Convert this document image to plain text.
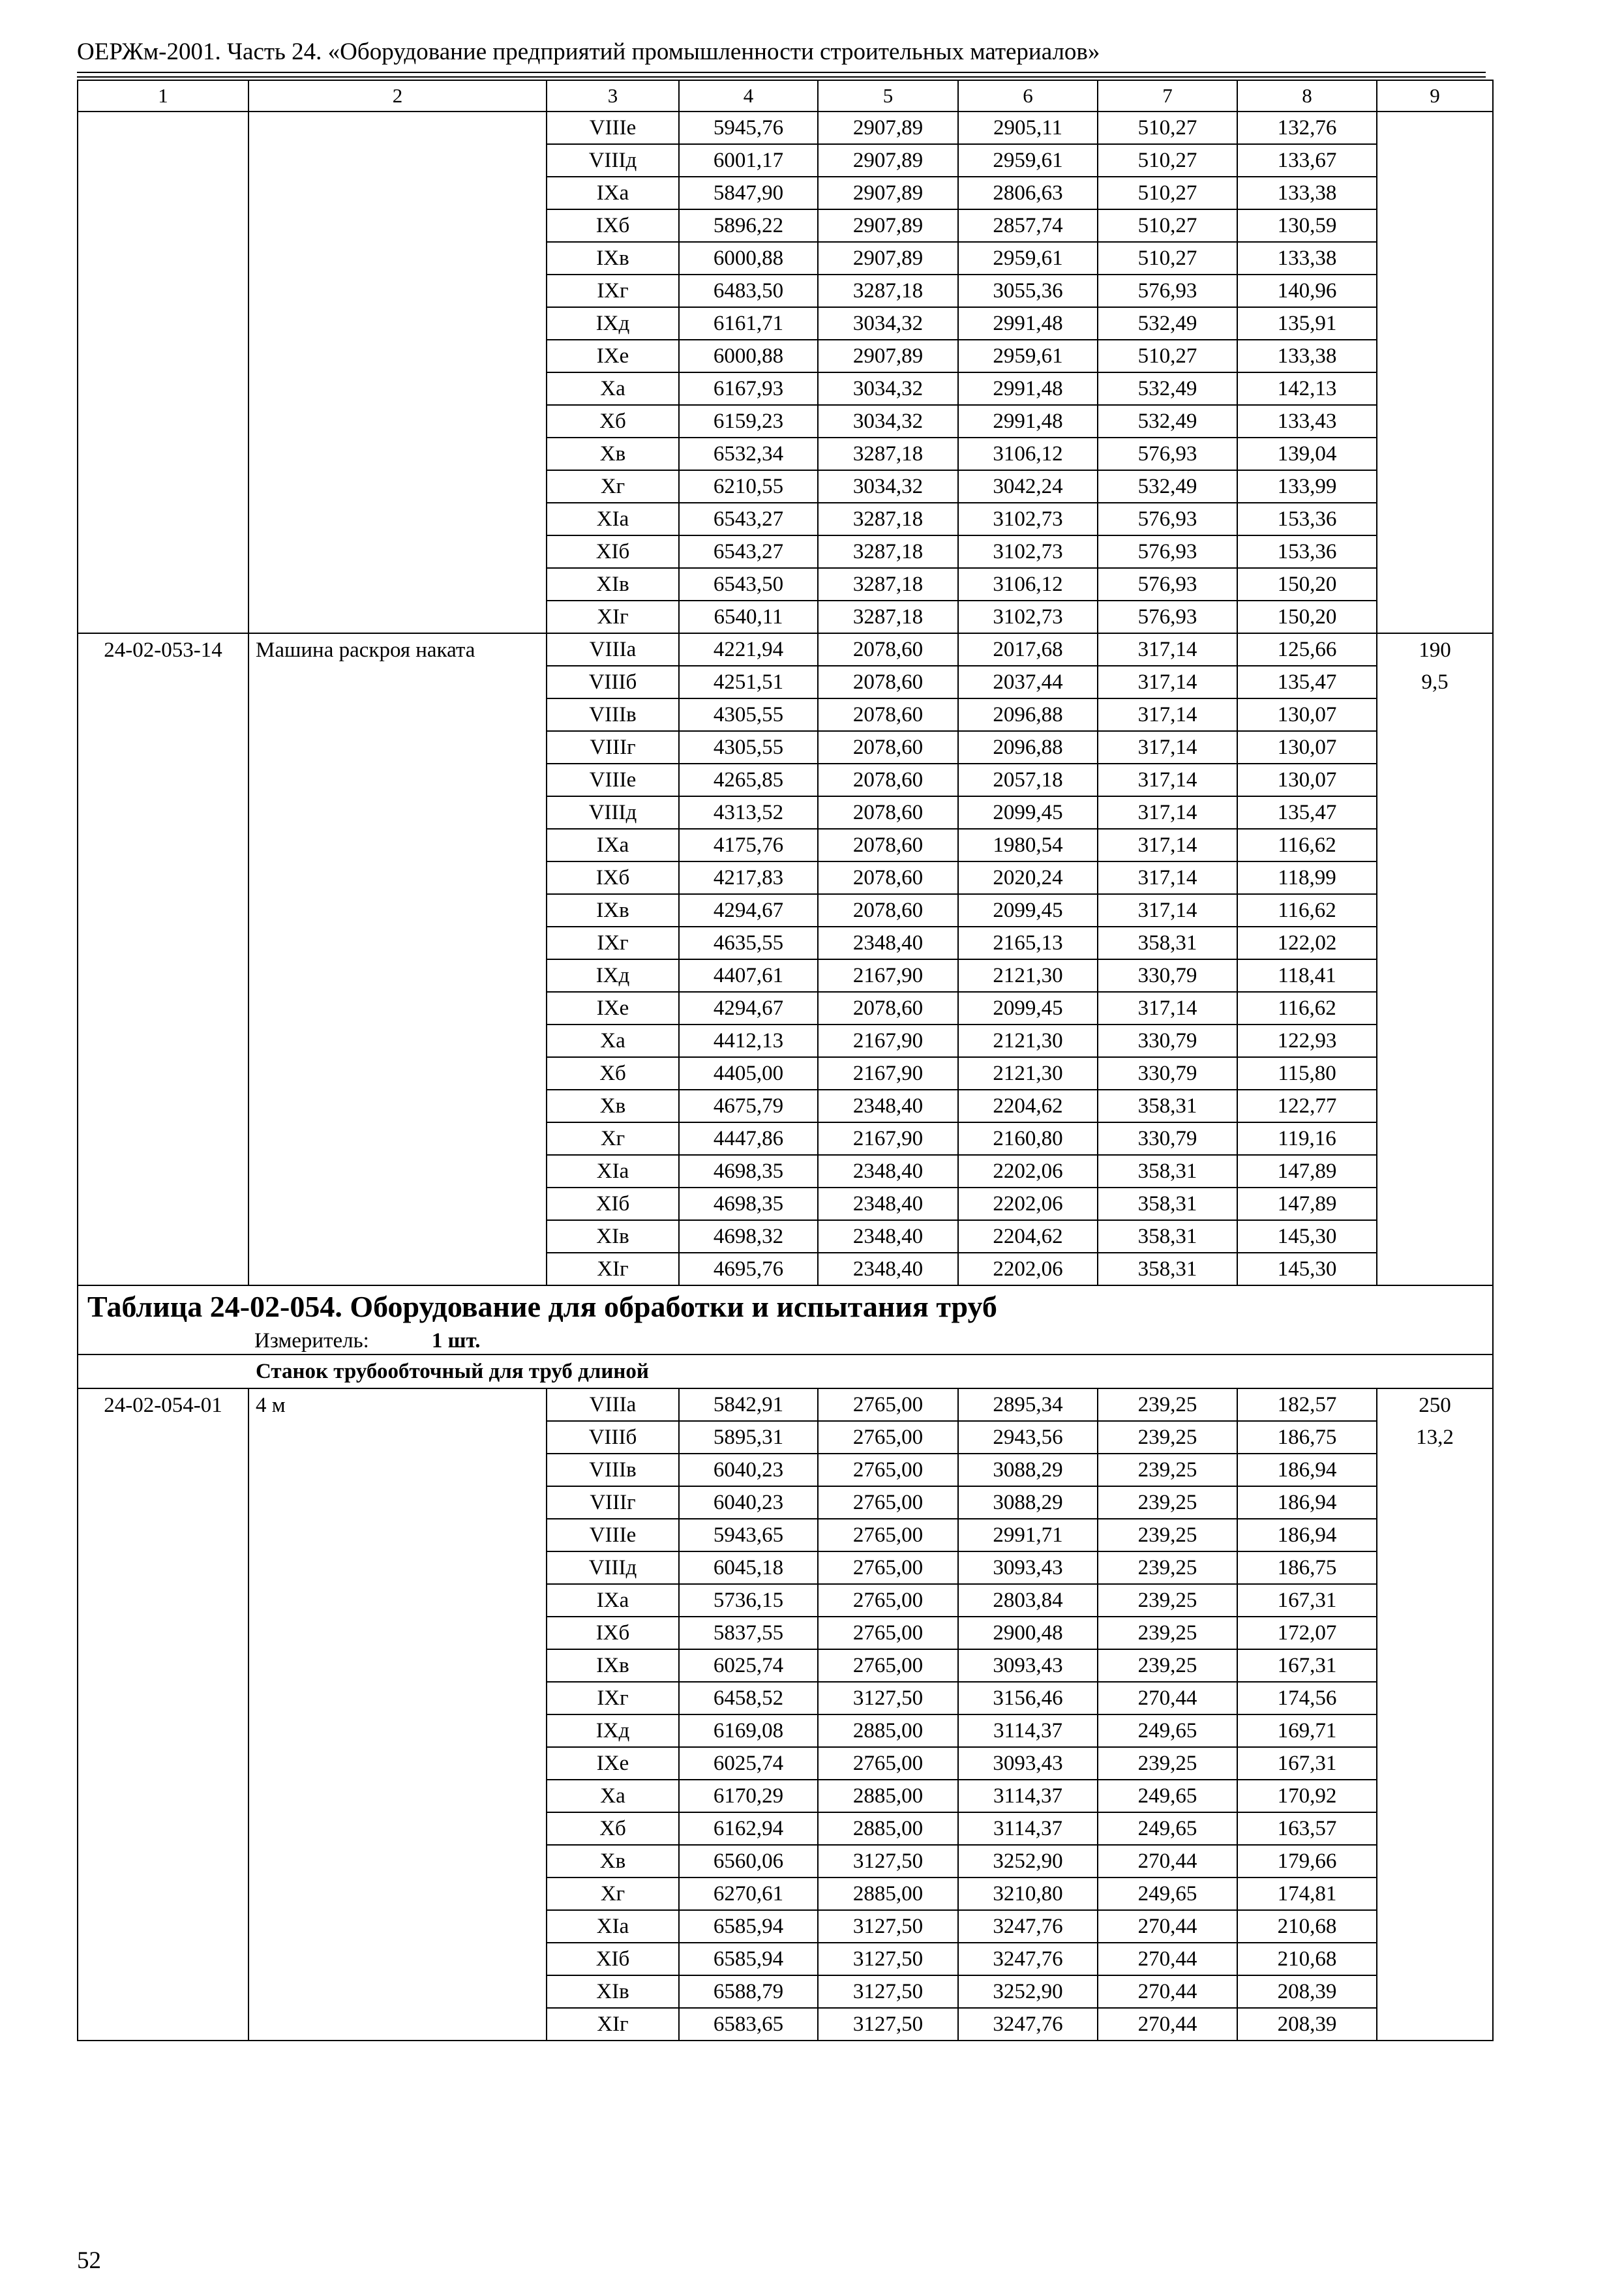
ОЕРЖм-2001. Часть 24. «Оборудование предприятий промышленности строительных материалов»
1	2	3	4	5	6	7	8	9
		VIIIе	5945,76	2907,89	2905,11	510,27	132,76	
		VIIIд	6001,17	2907,89	2959,61	510,27	133,67	
		IXа	5847,90	2907,89	2806,63	510,27	133,38	
		IXб	5896,22	2907,89	2857,74	510,27	130,59	
		IXв	6000,88	2907,89	2959,61	510,27	133,38	
		IXг	6483,50	3287,18	3055,36	576,93	140,96	
		IXд	6161,71	3034,32	2991,48	532,49	135,91	
		IXе	6000,88	2907,89	2959,61	510,27	133,38	
		Xа	6167,93	3034,32	2991,48	532,49	142,13	
		Xб	6159,23	3034,32	2991,48	532,49	133,43	
		Xв	6532,34	3287,18	3106,12	576,93	139,04	
		Xг	6210,55	3034,32	3042,24	532,49	133,99	
		XIа	6543,27	3287,18	3102,73	576,93	153,36	
		XIб	6543,27	3287,18	3102,73	576,93	153,36	
		XIв	6543,50	3287,18	3106,12	576,93	150,20	
		XIг	6540,11	3287,18	3102,73	576,93	150,20	
24-02-053-14	Машина раскроя наката	VIIIа	4221,94	2078,60	2017,68	317,14	125,66	190
		VIIIб	4251,51	2078,60	2037,44	317,14	135,47	9,5
		VIIIв	4305,55	2078,60	2096,88	317,14	130,07	
		VIIIг	4305,55	2078,60	2096,88	317,14	130,07	
		VIIIе	4265,85	2078,60	2057,18	317,14	130,07	
		VIIIд	4313,52	2078,60	2099,45	317,14	135,47	
		IXа	4175,76	2078,60	1980,54	317,14	116,62	
		IXб	4217,83	2078,60	2020,24	317,14	118,99	
		IXв	4294,67	2078,60	2099,45	317,14	116,62	
		IXг	4635,55	2348,40	2165,13	358,31	122,02	
		IXд	4407,61	2167,90	2121,30	330,79	118,41	
		IXе	4294,67	2078,60	2099,45	317,14	116,62	
		Xа	4412,13	2167,90	2121,30	330,79	122,93	
		Xб	4405,00	2167,90	2121,30	330,79	115,80	
		Xв	4675,79	2348,40	2204,62	358,31	122,77	
		Xг	4447,86	2167,90	2160,80	330,79	119,16	
		XIа	4698,35	2348,40	2202,06	358,31	147,89	
		XIб	4698,35	2348,40	2202,06	358,31	147,89	
		XIв	4698,32	2348,40	2204,62	358,31	145,30	
		XIг	4695,76	2348,40	2202,06	358,31	145,30	
Таблица 24-02-054. Оборудование для обработки и испытания труб								
Измеритель: 1 шт.								
Станок трубообточный для труб длиной								
24-02-054-01	4 м	VIIIа	5842,91	2765,00	2895,34	239,25	182,57	250
		VIIIб	5895,31	2765,00	2943,56	239,25	186,75	13,2
		VIIIв	6040,23	2765,00	3088,29	239,25	186,94	
		VIIIг	6040,23	2765,00	3088,29	239,25	186,94	
		VIIIе	5943,65	2765,00	2991,71	239,25	186,94	
		VIIIд	6045,18	2765,00	3093,43	239,25	186,75	
		IXа	5736,15	2765,00	2803,84	239,25	167,31	
		IXб	5837,55	2765,00	2900,48	239,25	172,07	
		IXв	6025,74	2765,00	3093,43	239,25	167,31	
		IXг	6458,52	3127,50	3156,46	270,44	174,56	
		IXд	6169,08	2885,00	3114,37	249,65	169,71	
		IXе	6025,74	2765,00	3093,43	239,25	167,31	
		Xа	6170,29	2885,00	3114,37	249,65	170,92	
		Xб	6162,94	2885,00	3114,37	249,65	163,57	
		Xв	6560,06	3127,50	3252,90	270,44	179,66	
		Xг	6270,61	2885,00	3210,80	249,65	174,81	
		XIа	6585,94	3127,50	3247,76	270,44	210,68	
		XIб	6585,94	3127,50	3247,76	270,44	210,68	
		XIв	6588,79	3127,50	3252,90	270,44	208,39	
		XIг	6583,65	3127,50	3247,76	270,44	208,39	
52
